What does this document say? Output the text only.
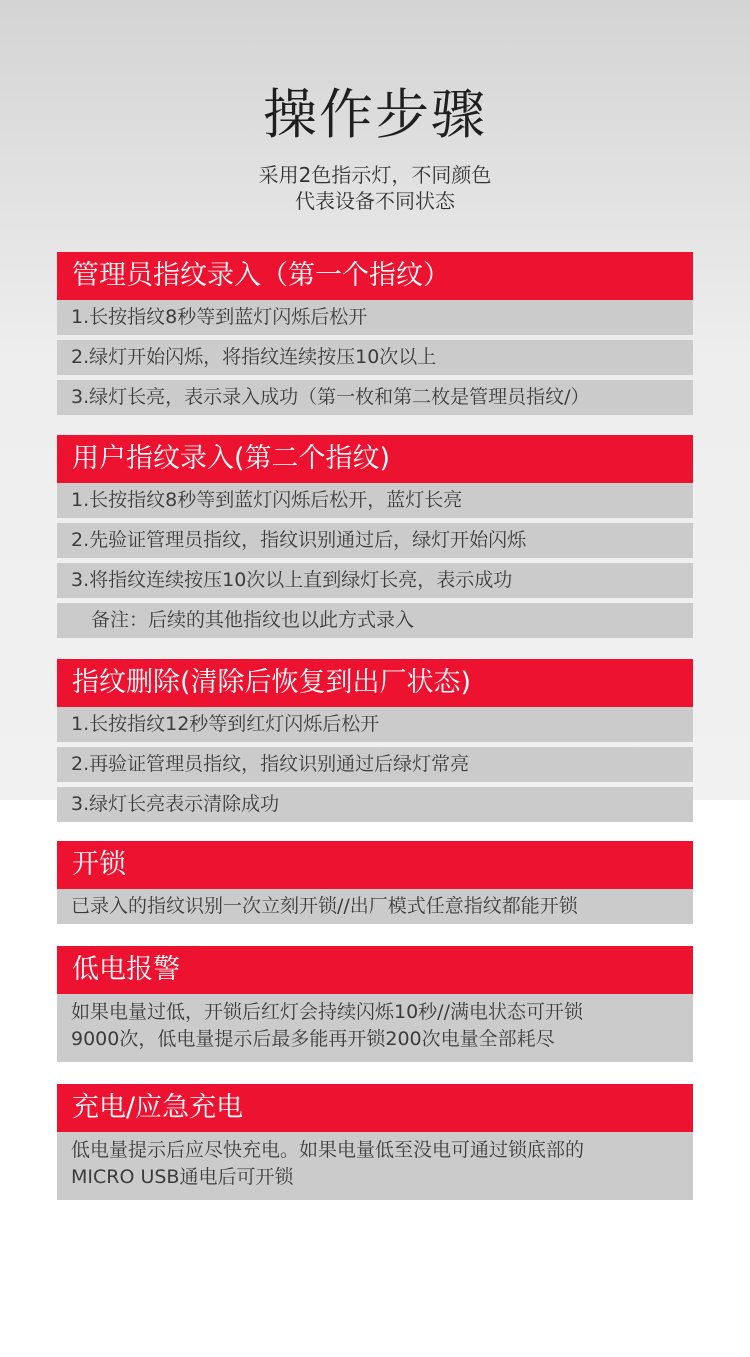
操作步骤
采用2色指示灯，不同颜色
代表设备不同状态
管理员指纹录入（第一个指纹）
1.长按指纹8秒等到蓝灯闪烁后松开
2.绿灯开始闪烁，将指纹连续按压10次以上
3.绿灯长亮，表示录入成功（第一枚和第二枚是管理员指纹/）
用户指纹录入(第二个指纹)
1.长按指纹8秒等到蓝灯闪烁后松开，蓝灯长亮
2.先验证管理员指纹，指纹识别通过后，绿灯开始闪烁
3.将指纹连续按压10次以上直到绿灯长亮，表示成功
备注：后续的其他指纹也以此方式录入
指纹删除(清除后恢复到出厂状态)
1.长按指纹12秒等到红灯闪烁后松开
2.再验证管理员指纹，指纹识别通过后绿灯常亮
3.绿灯长亮表示清除成功
开锁
已录入的指纹识别一次立刻开锁//出厂模式任意指纹都能开锁
低电报警
如果电量过低，开锁后红灯会持续闪烁10秒//满电状态可开锁
9000次，低电量提示后最多能再开锁200次电量全部耗尽
充电/应急充电
低电量提示后应尽快充电。如果电量低至没电可通过锁底部的
MICRO USB通电后可开锁
